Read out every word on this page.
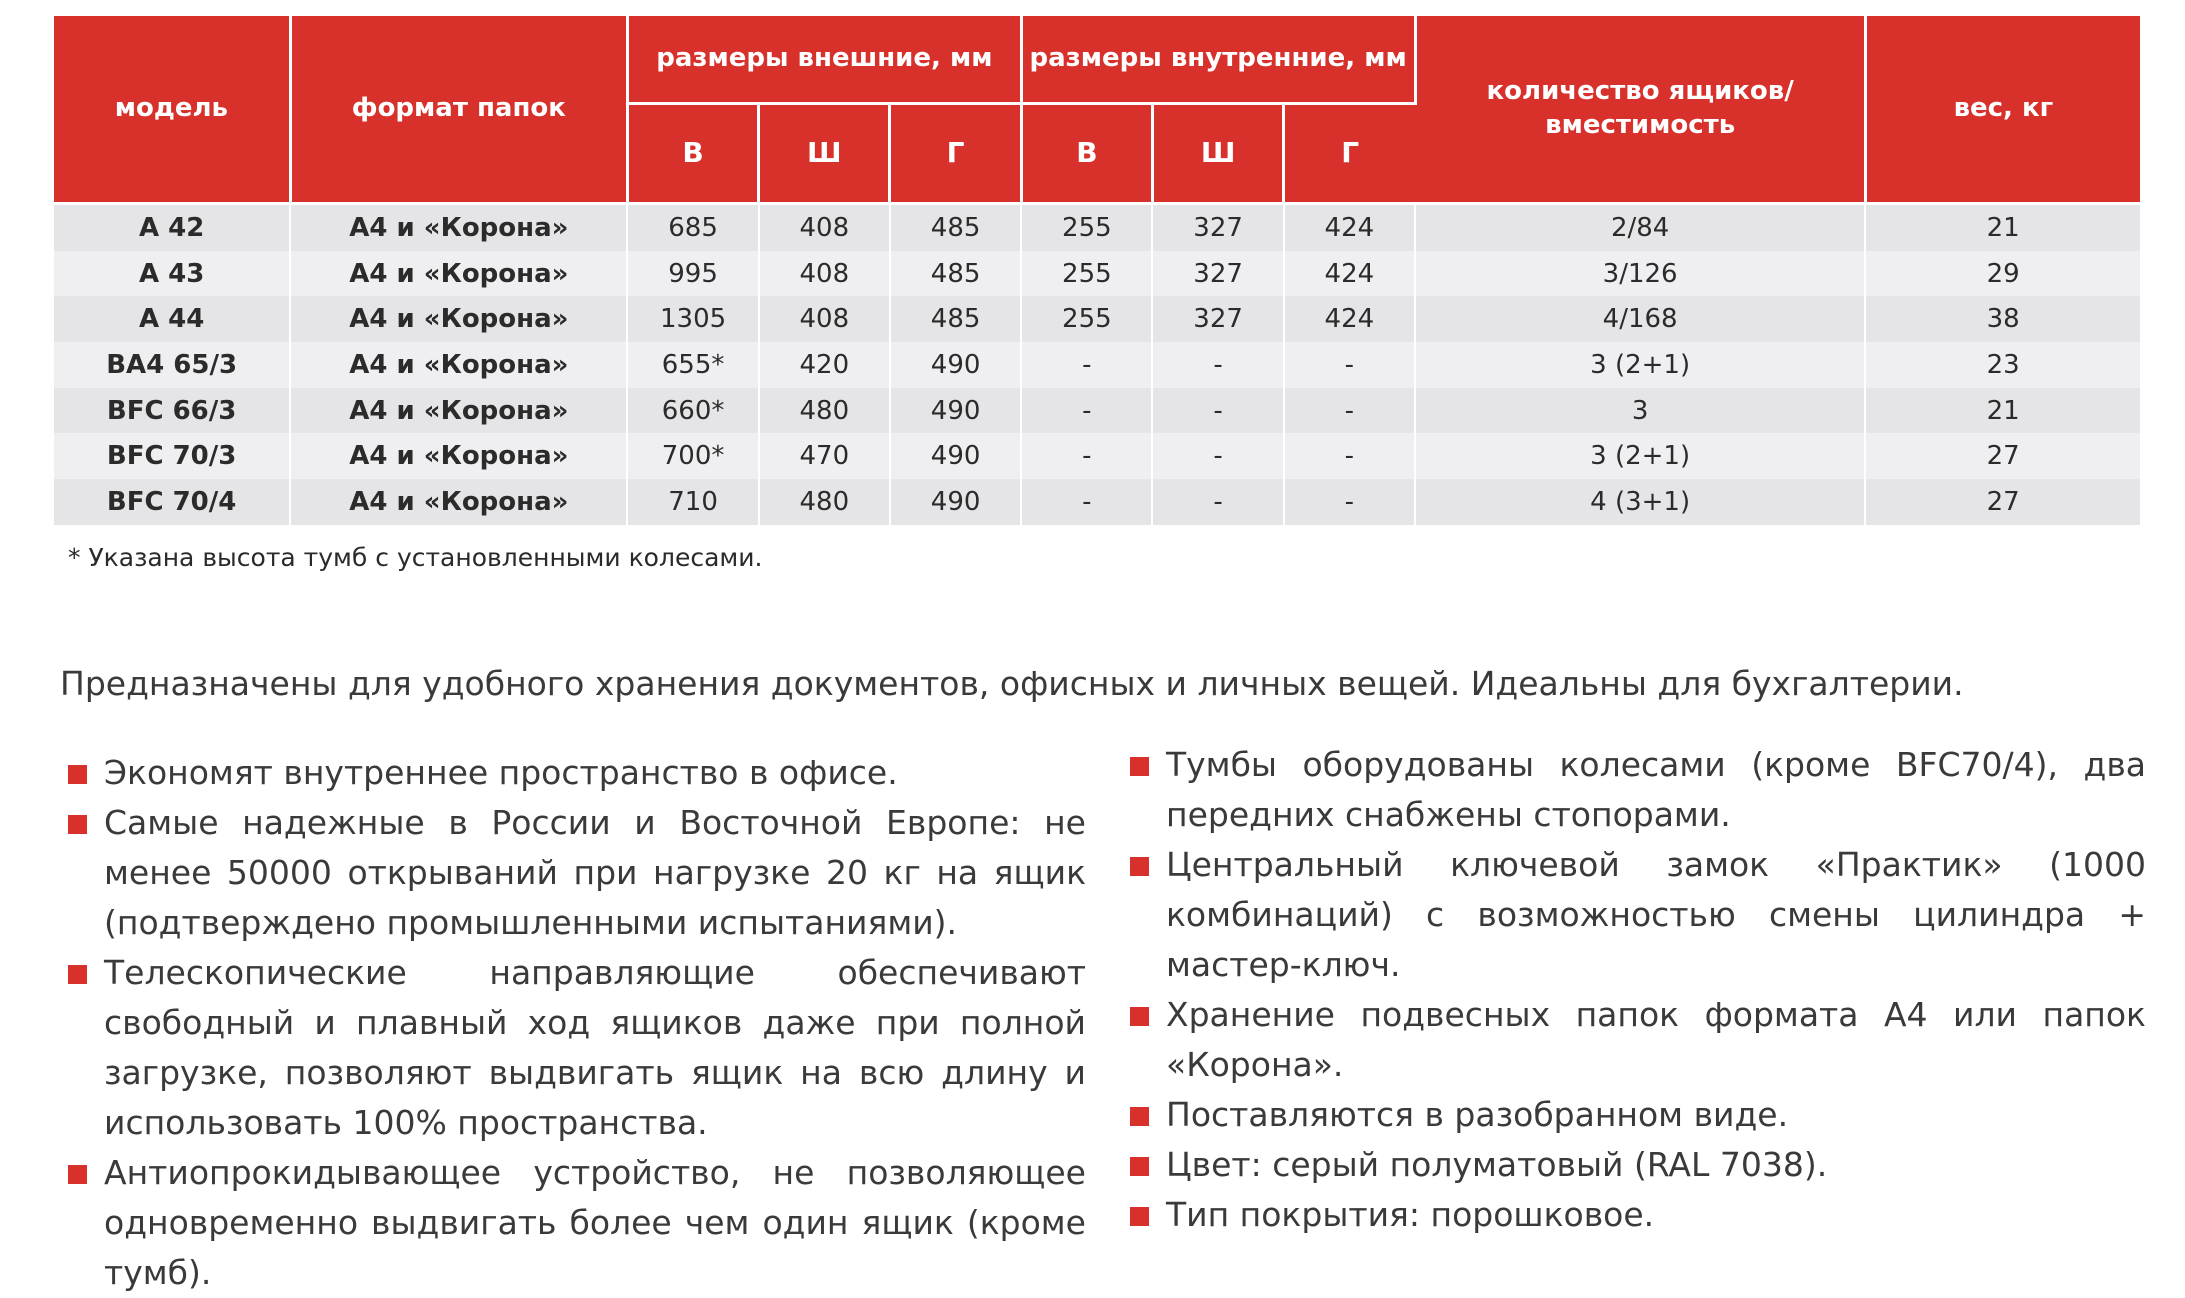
модель	формат папок	размеры внешние, мм			размеры внутренние, мм			количество ящиков/ вместимость	вес, кг
		В	Ш	Г	В	Ш	Г		
A 42	А4 и «Корона»	685	408	485	255	327	424	2/84	21
A 43	А4 и «Корона»	995	408	485	255	327	424	3/126	29
A 44	А4 и «Корона»	1305	408	485	255	327	424	4/168	38
BA4 65/3	А4 и «Корона»	655*	420	490	-	-	-	3 (2+1)	23
BFC 66/3	А4 и «Корона»	660*	480	490	-	-	-	3	21
BFC 70/3	А4 и «Корона»	700*	470	490	-	-	-	3 (2+1)	27
BFC 70/4	А4 и «Корона»	710	480	490	-	-	-	4 (3+1)	27
* Указана высота тумб с установленными колесами.
Предназначены для удобного хранения документов, офисных и личных вещей. Идеальны для бухгалтерии.
Экономят внутреннее пространство в офисе.
Самые надежные в России и Восточной Европе: не менее 50000 открываний при нагрузке 20 кг на ящик (подтверждено промышленными испытаниями).
Телескопические направляющие обеспечивают свободный и плавный ход ящиков даже при полной загрузке, позволяют выдвигать ящик на всю длину и использовать 100% пространства.
Антиопрокидывающее устройство, не позволяющее одновременно выдвигать более чем один ящик (кроме тумб).
Тумбы оборудованы колесами (кроме BFC70/4), два передних снабжены стопорами.
Центральный ключевой замок «Практик» (1000 комбинаций) с возможностью смены цилиндра + мастер-ключ.
Хранение подвесных папок формата А4 или папок «Корона».
Поставляются в разобранном виде.
Цвет: серый полуматовый (RAL 7038).
Тип покрытия: порошковое.
